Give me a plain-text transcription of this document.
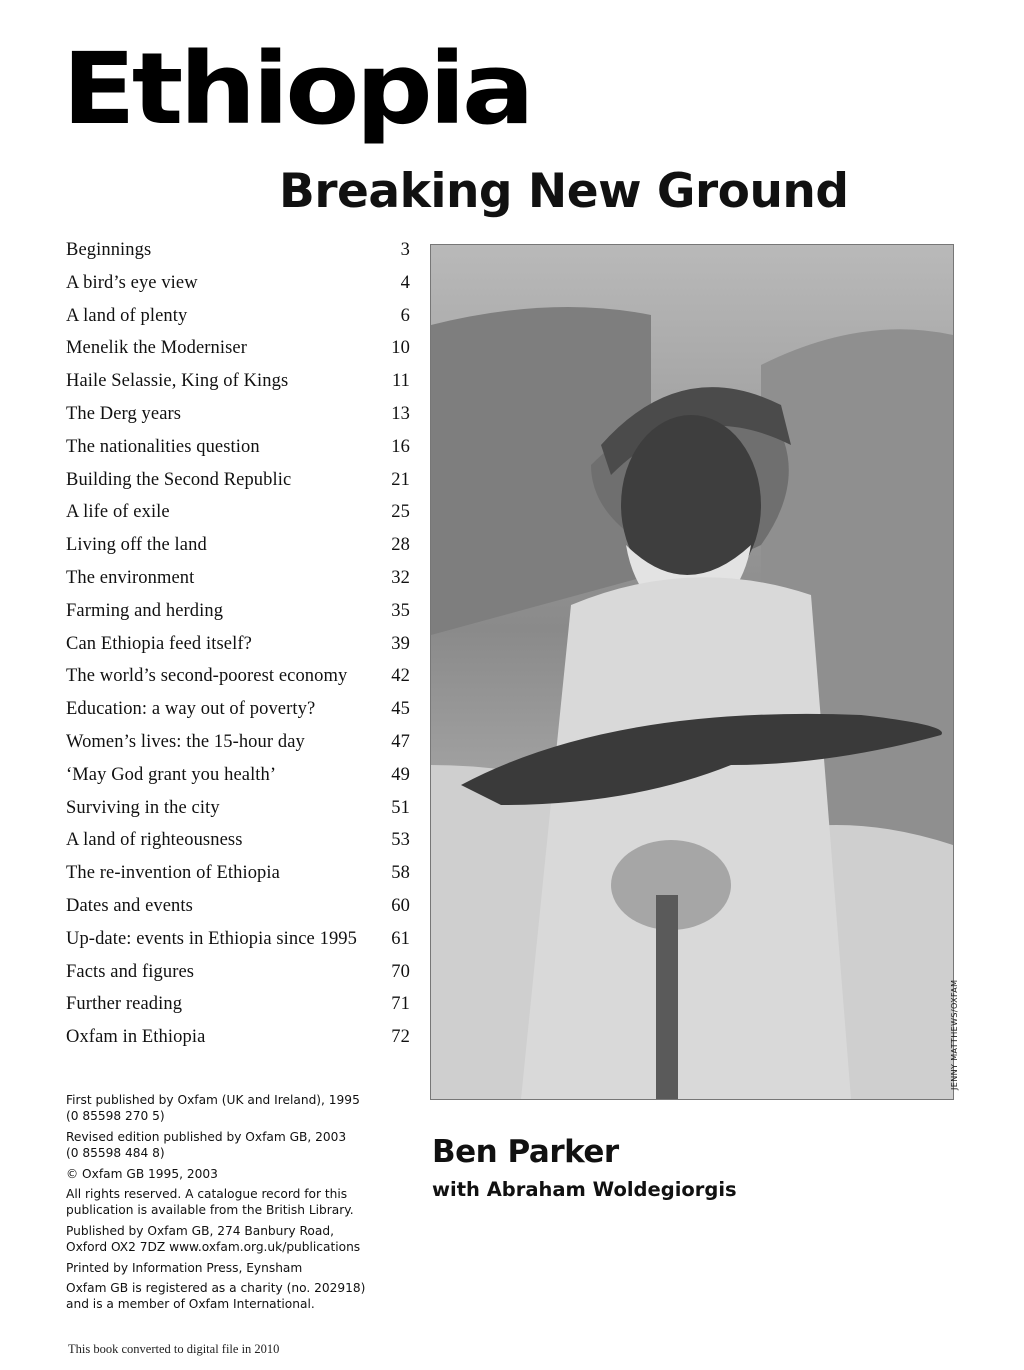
Ethiopia
Breaking New Ground
Beginnings	3
A bird’s eye view	4
A land of plenty	6
Menelik the Moderniser	10
Haile Selassie, King of Kings	11
The Derg years	13
The nationalities question	16
Building the Second Republic	21
A life of exile	25
Living off the land	28
The environment	32
Farming and herding	35
Can Ethiopia feed itself?	39
The world’s second-poorest economy	42
Education: a way out of poverty?	45
Women’s lives: the 15-hour day	47
‘May God grant you health’	49
Surviving in the city	51
A land of righteousness	53
The re-invention of Ethiopia	58
Dates and events	60
Up-date: events in Ethiopia since 1995	61
Facts and figures	70
Further reading	71
Oxfam in Ethiopia	72	JENNY MATTHEWS/OXFAM

First published by Oxfam (UK and Ireland), 1995
(0 85598 270 5)

Revised edition published by Oxfam GB, 2003
(0 85598 484 8)

© Oxfam GB 1995, 2003

All rights reserved. A catalogue record for this
publication is available from the British Library.

Published by Oxfam GB, 274 Banbury Road,
Oxford OX2 7DZ www.oxfam.org.uk/publications

Printed by Information Press, Eynsham

Oxfam GB is registered as a charity (no. 202918)
and is a member of Oxfam International.

Ben Parker
with Abraham Woldegiorgis
This book converted to digital file in 2010
